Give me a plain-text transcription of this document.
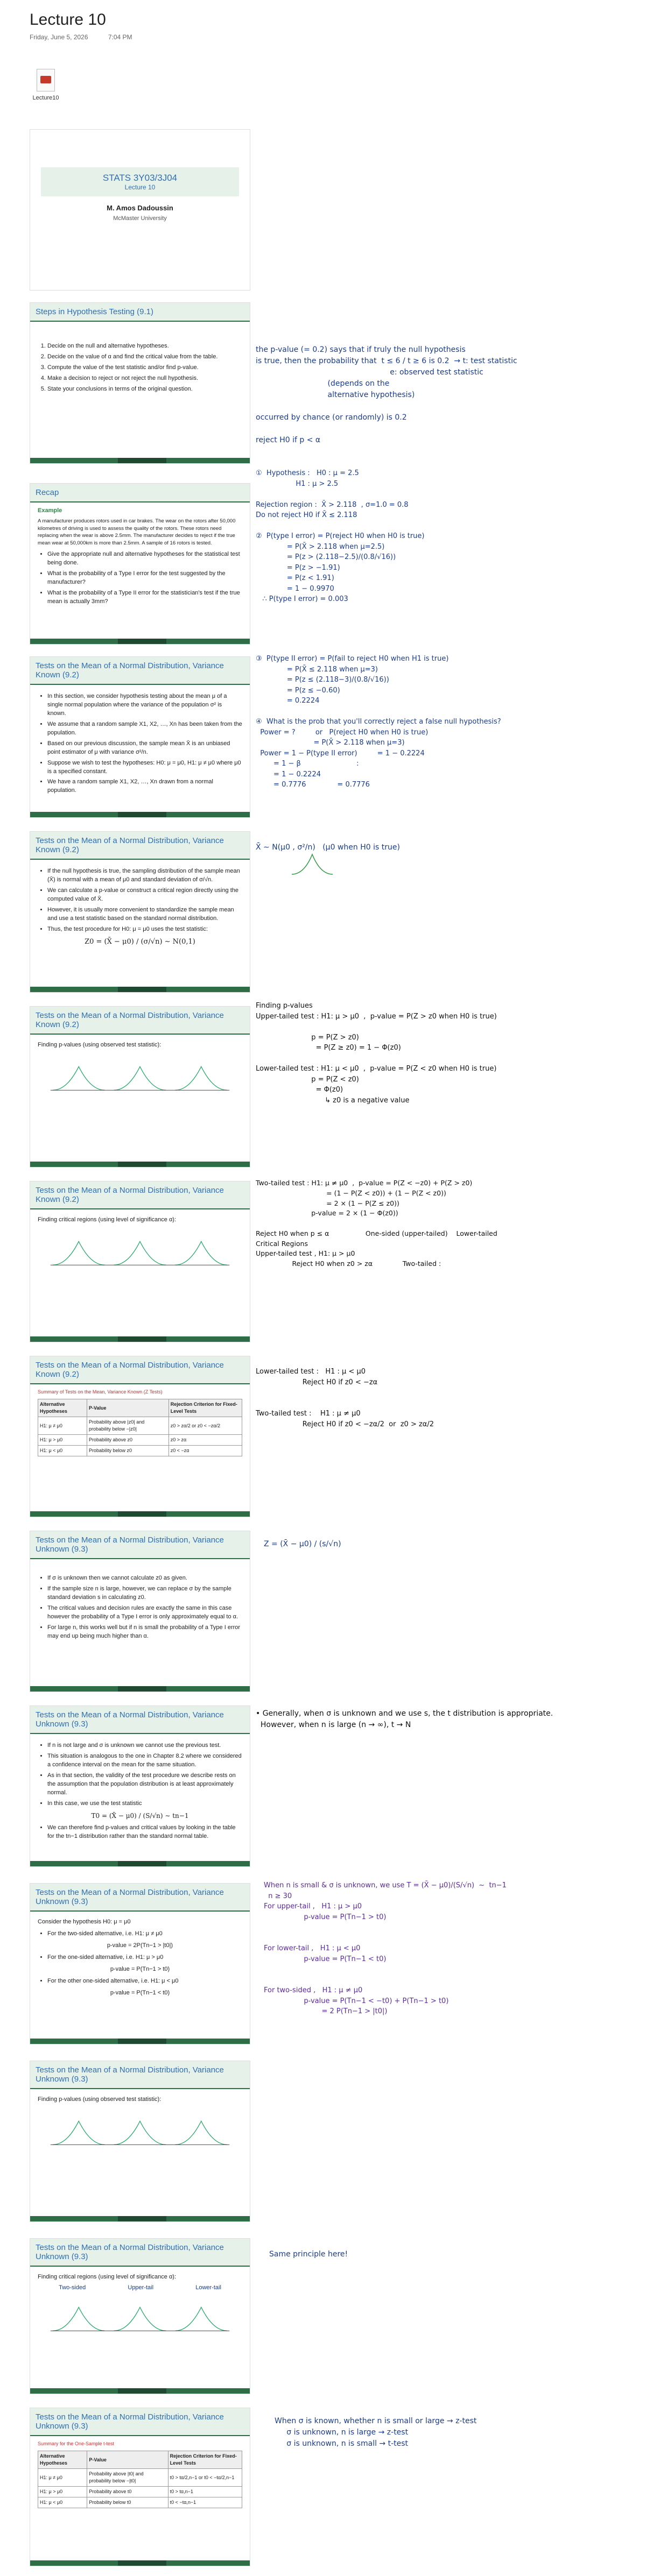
Lecture 10
Friday, June 5, 2026	7:04 PM
Lecture10
STATS 3Y03/3J04
Lecture 10
M. Amos Dadoussin
McMaster University
Steps in Hypothesis Testing (9.1)
1. Decide on the null and alternative hypotheses.
2. Decide on the value of α and find the critical value from the table.
3. Compute the value of the test statistic and/or find p-value.
4. Make a decision to reject or not reject the null hypothesis.
5. State your conclusions in terms of the original question.
Recap
Example

A manufacturer produces rotors used in car brakes. The wear on the rotors after 50,000 kilometres of driving is used to assess the quality of the rotors. These rotors need replacing when the wear is above 2.5mm. The manufacturer decides to reject if the true mean wear at 50,000km is more than 2.5mm. A sample of 16 rotors is tested.

• Give the appropriate null and alternative hypotheses for the statistical test being done.
• What is the probability of a Type I error for the test suggested by the manufacturer?
• What is the probability of a Type II error for the statistician's test if the true mean is actually 3mm?
Tests on the Mean of a Normal Distribution, Variance Known (9.2)
• In this section, we consider hypothesis testing about the mean μ of a single normal population where the variance of the population σ² is known.
• We assume that a random sample X1, X2, …, Xn has been taken from the population.
• Based on our previous discussion, the sample mean X̄ is an unbiased point estimator of μ with variance σ²/n.
• Suppose we wish to test the hypotheses: H0: μ = μ0, H1: μ ≠ μ0 where μ0 is a specified constant.
• We have a random sample X1, X2, …, Xn drawn from a normal population.
Tests on the Mean of a Normal Distribution, Variance Known (9.2)
• If the null hypothesis is true, the sampling distribution of the sample mean (X̄) is normal with a mean of μ0 and standard deviation of σ/√n.
• We can calculate a p-value or construct a critical region directly using the computed value of X̄.
• However, it is usually more convenient to standardize the sample mean and use a test statistic based on the standard normal distribution.
• Thus, the test procedure for H0: μ = μ0 uses the test statistic:

Z0 = (X̄ − μ0) / (σ/√n) ∼ N(0,1)

Tests on the Mean of a Normal Distribution, Variance Known (9.2)

Finding p-values (using observed test statistic):

Tests on the Mean of a Normal Distribution, Variance Known (9.2)

Finding critical regions (using level of significance α):

Tests on the Mean of a Normal Distribution, Variance Known (9.2)
Summary of Tests on the Mean, Variance Known (Z Tests)
Alternative Hypotheses	P-Value	Rejection Criterion for Fixed-Level Tests
H1: μ ≠ μ0	Probability above |z0| and probability below −|z0|	z0 > zα/2 or z0 < −zα/2
H1: μ > μ0	Probability above z0	z0 > zα
H1: μ < μ0	Probability below z0	z0 < −zα
Tests on the Mean of a Normal Distribution, Variance Unknown (9.3)
• If σ is unknown then we cannot calculate z0 as given.
• If the sample size n is large, however, we can replace σ by the sample standard deviation s in calculating z0.
• The critical values and decision rules are exactly the same in this case however the probability of a Type I error is only approximately equal to α.
• For large n, this works well but if n is small the probability of a Type I error may end up being much higher than α.
Tests on the Mean of a Normal Distribution, Variance Unknown (9.3)
• If n is not large and σ is unknown we cannot use the previous test.
• This situation is analogous to the one in Chapter 8.2 where we considered a confidence interval on the mean for the same situation.
• As in that section, the validity of the test procedure we describe rests on the assumption that the population distribution is at least approximately normal.
• In this case, we use the test statistic

T0 = (X̄ − μ0) / (S/√n) ∼ tn−1

• We can therefore find p-values and critical values by looking in the table for the tn−1 distribution rather than the standard normal table.
Tests on the Mean of a Normal Distribution, Variance Unknown (9.3)

Consider the hypothesis H0: μ = μ0

• For the two-sided alternative, i.e. H1: μ ≠ μ0

p-value = 2P(Tn−1 > |t0|)

• For the one-sided alternative, i.e. H1: μ > μ0

p-value = P(Tn−1 > t0)

• For the other one-sided alternative, i.e. H1: μ < μ0

p-value = P(Tn−1 < t0)

Tests on the Mean of a Normal Distribution, Variance Unknown (9.3)

Finding p-values (using observed test statistic):

Tests on the Mean of a Normal Distribution, Variance Unknown (9.3)

Finding critical regions (using level of significance α):

Two-sided	Upper-tail	Lower-tail
Tests on the Mean of a Normal Distribution, Variance Unknown (9.3)
Summary for the One-Sample t-test
Alternative Hypotheses	P-Value	Rejection Criterion for Fixed-Level Tests
H1: μ ≠ μ0	Probability above |t0| and probability below −|t0|	t0 > tα/2,n−1 or t0 < −tα/2,n−1
H1: μ > μ0	Probability above t0	t0 > tα,n−1
H1: μ < μ0	Probability below t0	t0 < −tα,n−1
the p-value (= 0.2) says that if truly the null hypothesis
is true, then the probability that  t ≤ 6 / t ≥ 6 is 0.2  → t: test statistic
e: observed test statistic
(depends on the
alternative hypothesis)

occurred by chance (or randomly) is 0.2

reject H0 if p < α
①  Hypothesis :   H0 : μ = 2.5
H1 : μ > 2.5

Rejection region :  X̄ > 2.118  , σ=1.0 = 0.8
Do not reject H0 if X̄ ≤ 2.118

②  P(type I error) = P(reject H0 when H0 is true)
= P(X̄ > 2.118 when μ=2.5)
= P(z > (2.118−2.5)/(0.8/√16))
= P(z > −1.91)
= P(z < 1.91)
= 1 − 0.9970
∴ P(type I error) = 0.003
③  P(type II error) = P(fail to reject H0 when H1 is true)
= P(X̄ ≤ 2.118 when μ=3)
= P(z ≤ (2.118−3)/(0.8/√16))
= P(z ≤ −0.60)
= 0.2224

④  What is the prob that you'll correctly reject a false null hypothesis?
Power = ?         or   P(reject H0 when H0 is true)
= P(X̄ > 2.118 when μ=3)
Power = 1 − P(type II error)         = 1 − 0.2224
= 1 − β                         :
= 1 − 0.2224
= 0.7776              = 0.7776
X̄ ∼ N(μ0 , σ²/n)   (μ0 when H0 is true)
Finding p-values
Upper-tailed test : H1: μ > μ0  ,  p-value = P(Z > z0 when H0 is true)

p = P(Z > z0)
= P(Z ≥ z0) = 1 − Φ(z0)

Lower-tailed test : H1: μ < μ0  ,  p-value = P(Z < z0 when H0 is true)
p = P(Z < z0)
= Φ(z0)
↳ z0 is a negative value
Two-tailed test : H1: μ ≠ μ0  ,  p-value = P(Z < −z0) + P(Z > z0)
= (1 − P(Z < z0)) + (1 − P(Z < z0))
= 2 × (1 − P(Z ≤ z0))
p-value = 2 × (1 − Φ(z0))

Reject H0 when p ≤ α                 One-sided (upper-tailed)    Lower-tailed
Critical Regions
Upper-tailed test , H1: μ > μ0
Reject H0 when z0 > zα              Two-tailed :
Lower-tailed test :   H1 : μ < μ0
Reject H0 if z0 < −zα

Two-tailed test :    H1 : μ ≠ μ0
Reject H0 if z0 < −zα/2  or  z0 > zα/2
Z = (X̄ − μ0) / (s/√n)
• Generally, when σ is unknown and we use s, the t distribution is appropriate.
However, when n is large (n → ∞), t → N
When n is small & σ is unknown, we use T = (X̄ − μ0)/(S/√n)  ~  tn−1
n ≥ 30
For upper-tail ,   H1 : μ > μ0
p-value = P(Tn−1 > t0)

For lower-tail ,   H1 : μ < μ0
p-value = P(Tn−1 < t0)

For two-sided ,   H1 : μ ≠ μ0
p-value = P(Tn−1 < −t0) + P(Tn−1 > t0)
= 2 P(Tn−1 > |t0|)
Same principle here!
When σ is known, whether n is small or large → z-test
σ is unknown, n is large → z-test
σ is unknown, n is small → t-test
